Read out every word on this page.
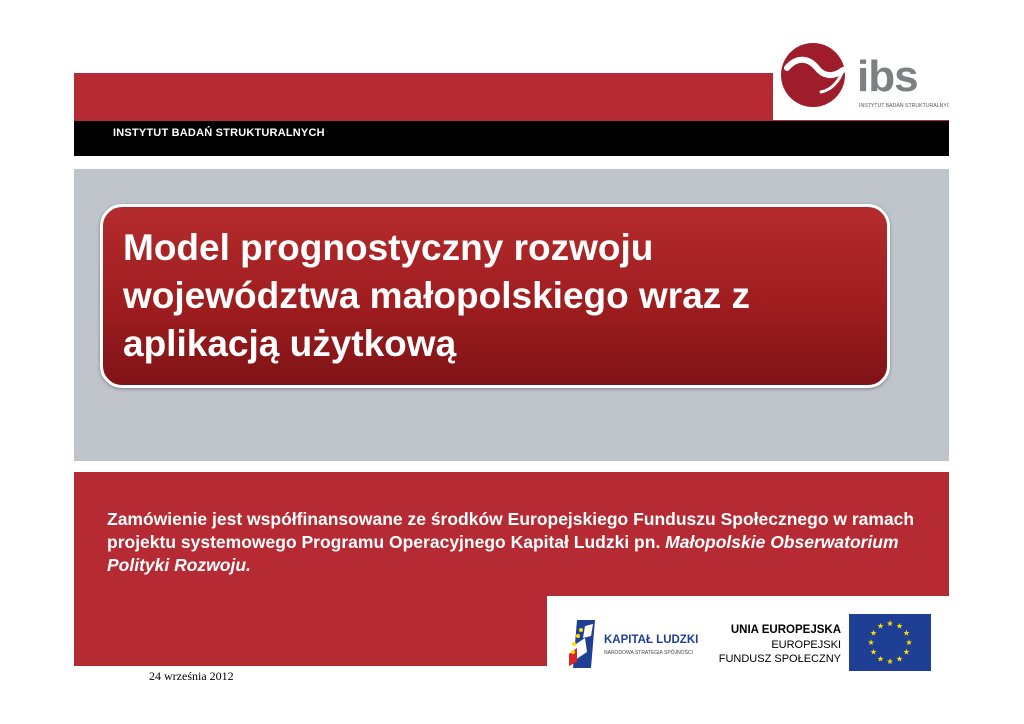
ibs
INSTYTUT BADAŃ STRUKTURALNYCH
INSTYTUT BADAŃ STRUKTURALNYCH
Model prognostyczny rozwoju
województwa małopolskiego wraz z
aplikacją użytkową
Zamówienie jest współfinansowane ze środków Europejskiego Funduszu Społecznego w ramach projektu systemowego Programu Operacyjnego Kapitał Ludzki pn. Małopolskie Obserwatorium Polityki Rozwoju.
KAPITAŁ LUDZKI
NARODOWA STRATEGIA SPÓJNOŚCI
UNIA EUROPEJSKA
EUROPEJSKI
FUNDUSZ SPOŁECZNY
24 września 2012
